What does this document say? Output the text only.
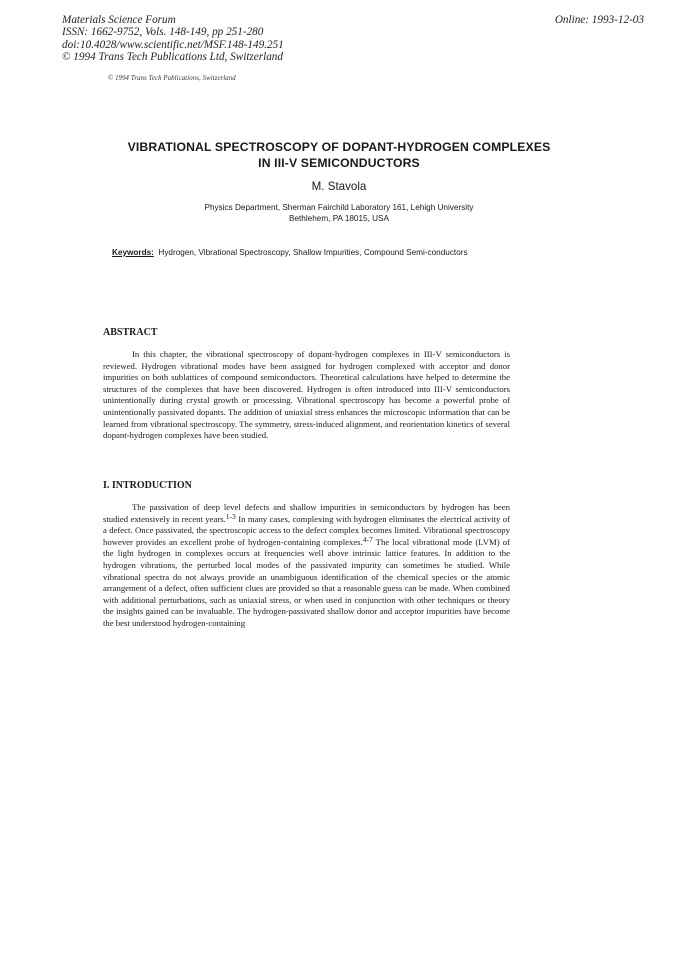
Materials Science Forum
ISSN: 1662-9752, Vols. 148-149, pp 251-280
doi:10.4028/www.scientific.net/MSF.148-149.251
© 1994 Trans Tech Publications Ltd, Switzerland
Online: 1993-12-03
© 1994 Trans Tech Publications, Switzerland
VIBRATIONAL SPECTROSCOPY OF DOPANT-HYDROGEN COMPLEXES
IN III-V SEMICONDUCTORS
M. Stavola
Physics Department, Sherman Fairchild Laboratory 161, Lehigh University
Bethlehem, PA 18015, USA
Keywords: Hydrogen, Vibrational Spectroscopy, Shallow Impurities, Compound Semi-conductors
ABSTRACT

In this chapter, the vibrational spectroscopy of dopant-hydrogen complexes in III-V semiconductors is reviewed. Hydrogen vibrational modes have been assigned for hydrogen complexed with acceptor and donor impurities on both sublattices of compound semiconductors. Theoretical calculations have helped to determine the structures of the complexes that have been discovered. Hydrogen is often introduced into III-V semiconductors unintentionally during crystal growth or processing. Vibrational spectroscopy has become a powerful probe of unintentionally passivated dopants. The addition of uniaxial stress enhances the microscopic information that can be learned from vibrational spectroscopy. The symmetry, stress-induced alignment, and reorientation kinetics of several dopant-hydrogen complexes have been studied.

I. INTRODUCTION

The passivation of deep level defects and shallow impurities in semiconductors by hydrogen has been studied extensively in recent years.1-3 In many cases, complexing with hydrogen eliminates the electrical activity of a defect. Once passivated, the spectroscopic access to the defect complex becomes limited. Vibrational spectroscopy however provides an excellent probe of hydrogen-containing complexes.4-7 The local vibrational mode (LVM) of the light hydrogen in complexes occurs at frequencies well above intrinsic lattice features. In addition to the hydrogen vibrations, the perturbed local modes of the passivated impurity can sometimes be studied. While vibrational spectra do not always provide an unambiguous identification of the chemical species or the atomic arrangement of a defect, often sufficient clues are provided so that a reasonable guess can be made. When combined with additional perturbations, such as uniaxial stress, or when used in conjunction with other techniques or theory the insights gained can be invaluable. The hydrogen-passivated shallow donor and acceptor impurities have become the best understood hydrogen-containing
